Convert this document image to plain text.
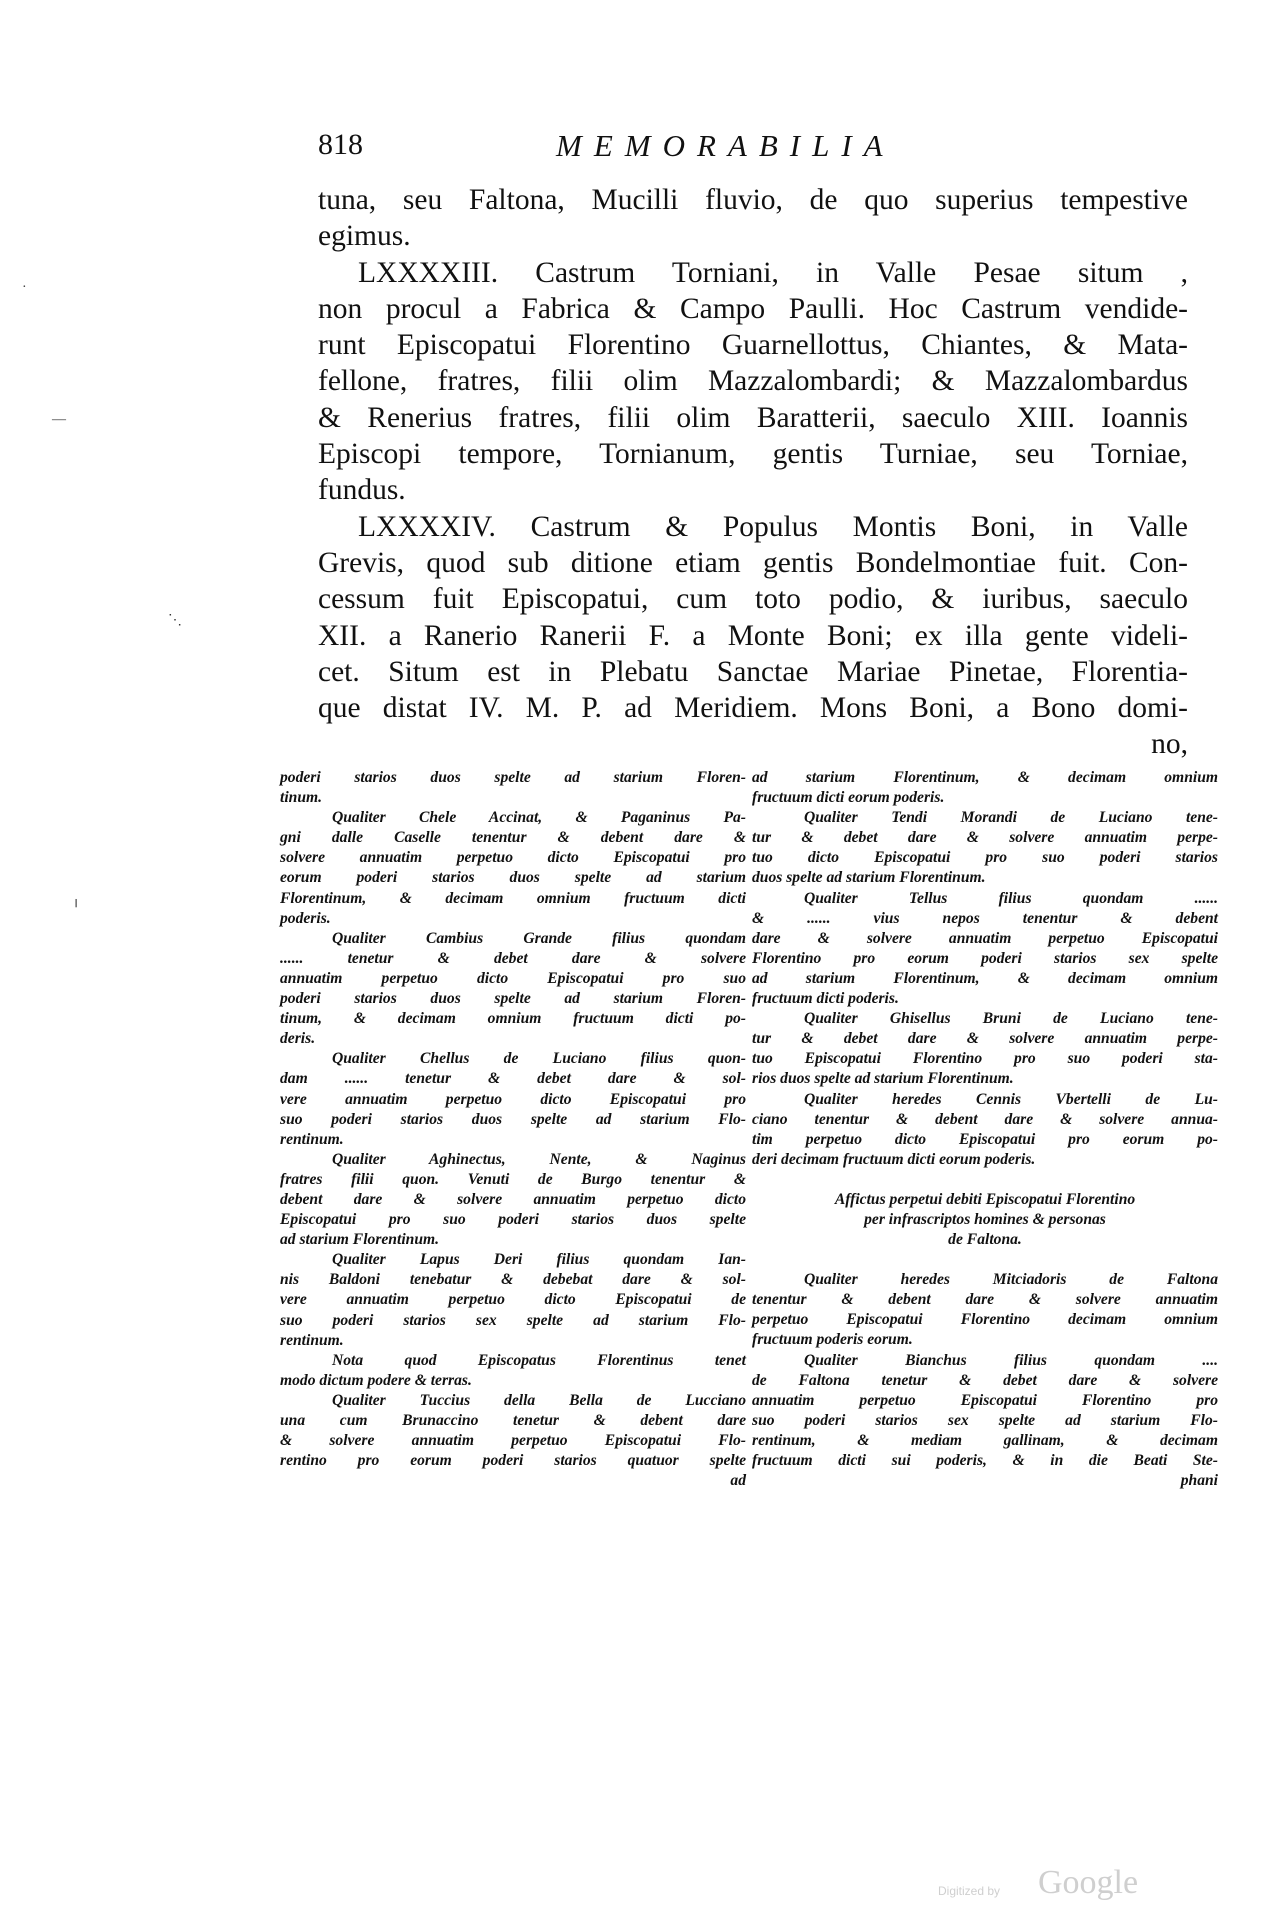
818	MEMORABILIA
tuna, seu Faltona, Mucilli fluvio, de quo superius tempestive
egimus.
LXXXXIII. Castrum Torniani, in Valle Pesae situm ,
non procul a Fabrica & Campo Paulli. Hoc Castrum vendide-
runt Episcopatui Florentino Guarnellottus, Chiantes, & Mata-
fellone, fratres, filii olim Mazzalombardi; & Mazzalombardus
& Renerius fratres, filii olim Baratterii, saeculo XIII. Ioannis
Episcopi tempore, Tornianum, gentis Turniae, seu Torniae,
fundus.
LXXXXIV. Castrum & Populus Montis Boni, in Valle
Grevis, quod sub ditione etiam gentis Bondelmontiae fuit. Con-
cessum fuit Episcopatui, cum toto podio, & iuribus, saeculo
XII. a Ranerio Ranerii F. a Monte Boni; ex illa gente videli-
cet. Situm est in Plebatu Sanctae Mariae Pinetae, Florentia-
que distat IV. M. P. ad Meridiem. Mons Boni, a Bono domi-
no,
poderi starios duos spelte ad starium Floren-
tinum.
Qualiter Chele Accinat, & Paganinus Pa-
gni dalle Caselle tenentur & debent dare &
solvere annuatim perpetuo dicto Episcopatui pro
eorum poderi starios duos spelte ad starium
Florentinum, & decimam omnium fructuum dicti
poderis.
Qualiter Cambius Grande filius quondam
...... tenetur & debet dare & solvere
annuatim perpetuo dicto Episcopatui pro suo
poderi starios duos spelte ad starium Floren-
tinum, & decimam omnium fructuum dicti po-
deris.
Qualiter Chellus de Luciano filius quon-
dam ...... tenetur & debet dare & sol-
vere annuatim perpetuo dicto Episcopatui pro
suo poderi starios duos spelte ad starium Flo-
rentinum.
Qualiter Aghinectus, Nente, & Naginus
fratres filii quon. Venuti de Burgo tenentur &
debent dare & solvere annuatim perpetuo dicto
Episcopatui pro suo poderi starios duos spelte
ad starium Florentinum.
Qualiter Lapus Deri filius quondam Ian-
nis Baldoni tenebatur & debebat dare & sol-
vere annuatim perpetuo dicto Episcopatui de
suo poderi starios sex spelte ad starium Flo-
rentinum.
Nota quod Episcopatus Florentinus tenet
modo dictum podere & terras.
Qualiter Tuccius della Bella de Lucciano
una cum Brunaccino tenetur & debent dare
& solvere annuatim perpetuo Episcopatui Flo-
rentino pro eorum poderi starios quatuor spelte
ad
ad starium Florentinum, & decimam omnium
fructuum dicti eorum poderis.
Qualiter Tendi Morandi de Luciano tene-
tur & debet dare & solvere annuatim perpe-
tuo dicto Episcopatui pro suo poderi starios
duos spelte ad starium Florentinum.
Qualiter Tellus filius quondam ......
& ...... vius nepos tenentur & debent
dare & solvere annuatim perpetuo Episcopatui
Florentino pro eorum poderi starios sex spelte
ad starium Florentinum, & decimam omnium
fructuum dicti poderis.
Qualiter Ghisellus Bruni de Luciano tene-
tur & debet dare & solvere annuatim perpe-
tuo Episcopatui Florentino pro suo poderi sta-
rios duos spelte ad starium Florentinum.
Qualiter heredes Cennis Vbertelli de Lu-
ciano tenentur & debent dare & solvere annua-
tim perpetuo dicto Episcopatui pro eorum po-
deri decimam fructuum dicti eorum poderis.
Affictus perpetui debiti Episcopatui Florentino
per infrascriptos homines & personas
de Faltona.
Qualiter heredes Mitciadoris de Faltona
tenentur & debent dare & solvere annuatim
perpetuo Episcopatui Florentino decimam omnium
fructuum poderis eorum.
Qualiter Bianchus filius quondam ....
de Faltona tenetur & debet dare & solvere
annuatim perpetuo Episcopatui Florentino pro
suo poderi starios sex spelte ad starium Flo-
rentinum, & mediam gallinam, & decimam
fructuum dicti sui poderis, & in die Beati Ste-
phani
―
·
⋱
╵
Digitized by Google
